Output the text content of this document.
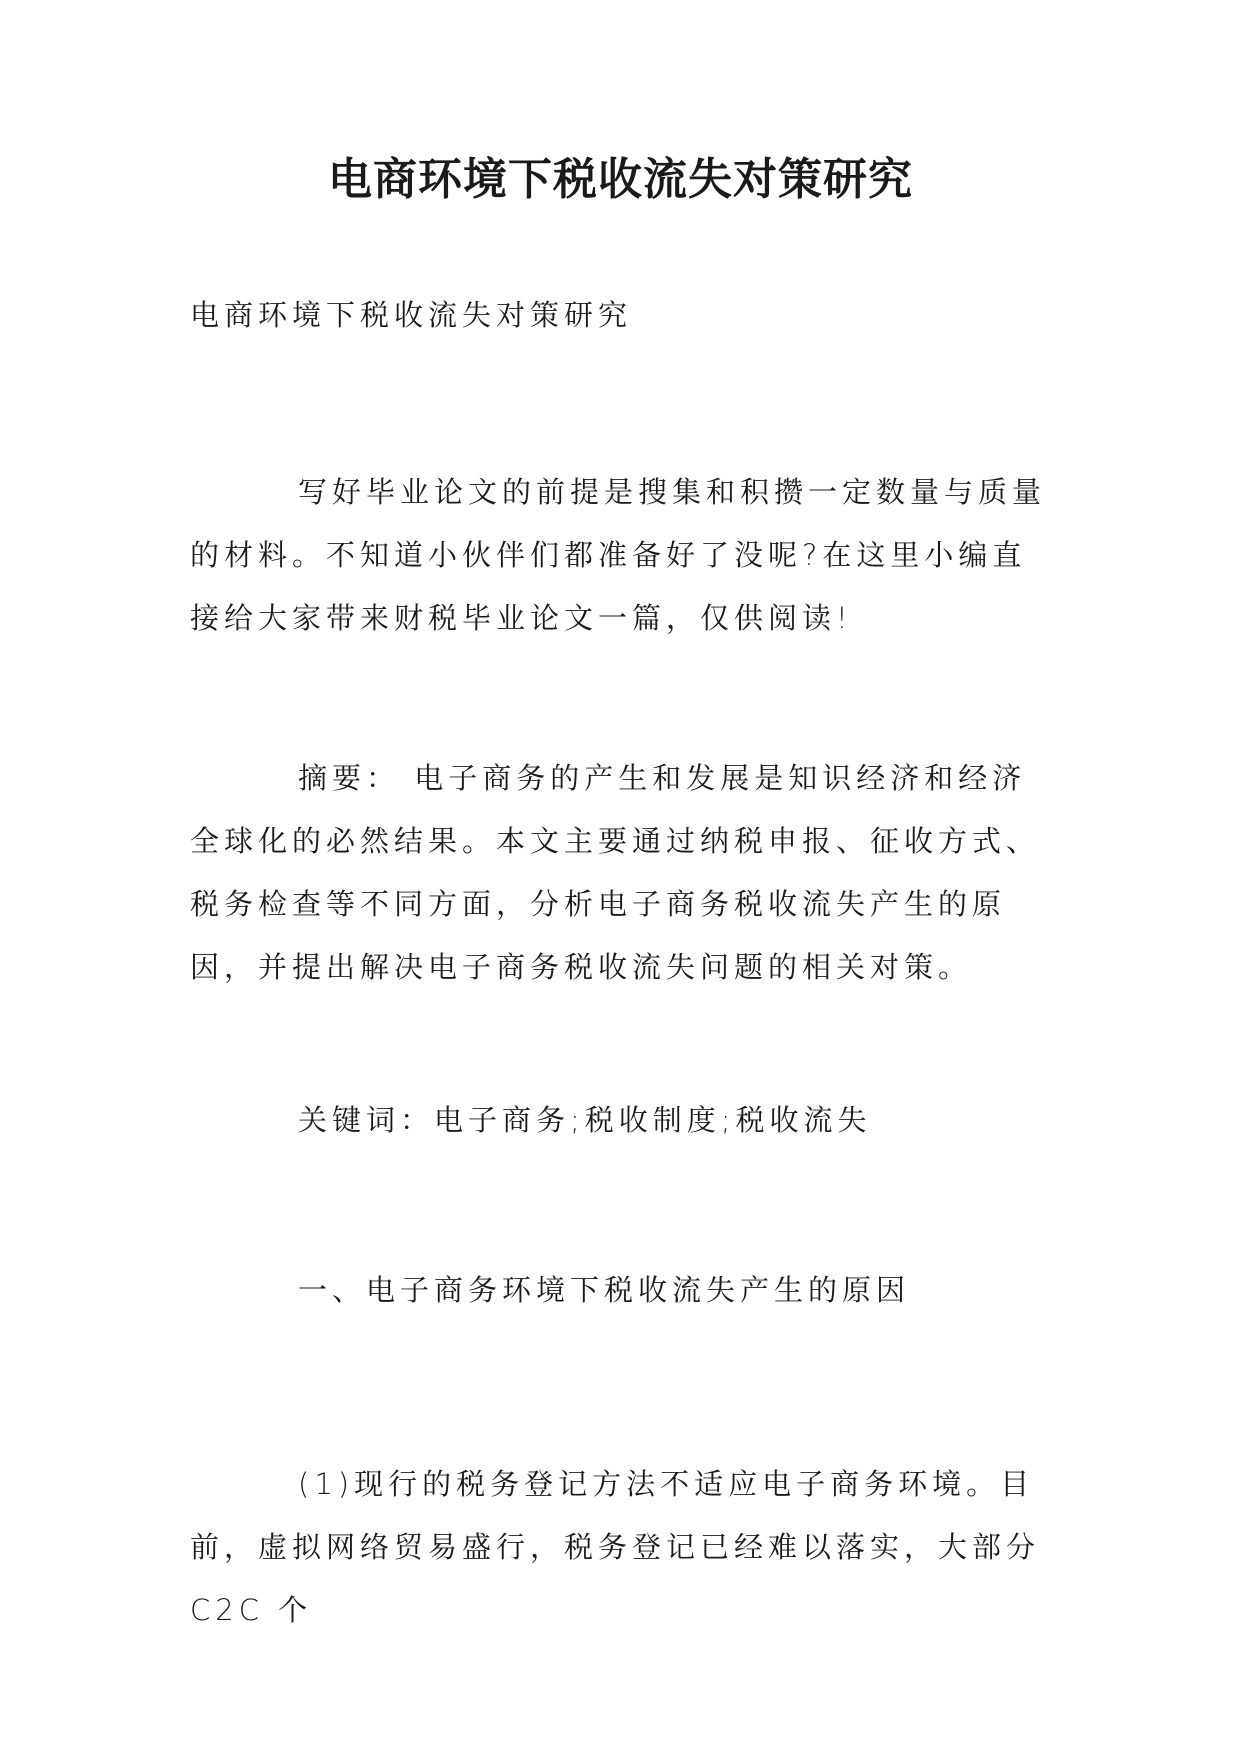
电商环境下税收流失对策研究
电商环境下税收流失对策研究
写好毕业论文的前提是搜集和积攒一定数量与质量的材料。不知道小伙伴们都准备好了没呢?在这里小编直接给大家带来财税毕业论文一篇，仅供阅读!
摘要： 电子商务的产生和发展是知识经济和经济全球化的必然结果。本文主要通过纳税申报、征收方式、税务检查等不同方面，分析电子商务税收流失产生的原因，并提出解决电子商务税收流失问题的相关对策。
关键词：电子商务;税收制度;税收流失
一、电子商务环境下税收流失产生的原因
(1)现行的税务登记方法不适应电子商务环境。目前，虚拟网络贸易盛行，税务登记已经难以落实，大部分 C2C 个
